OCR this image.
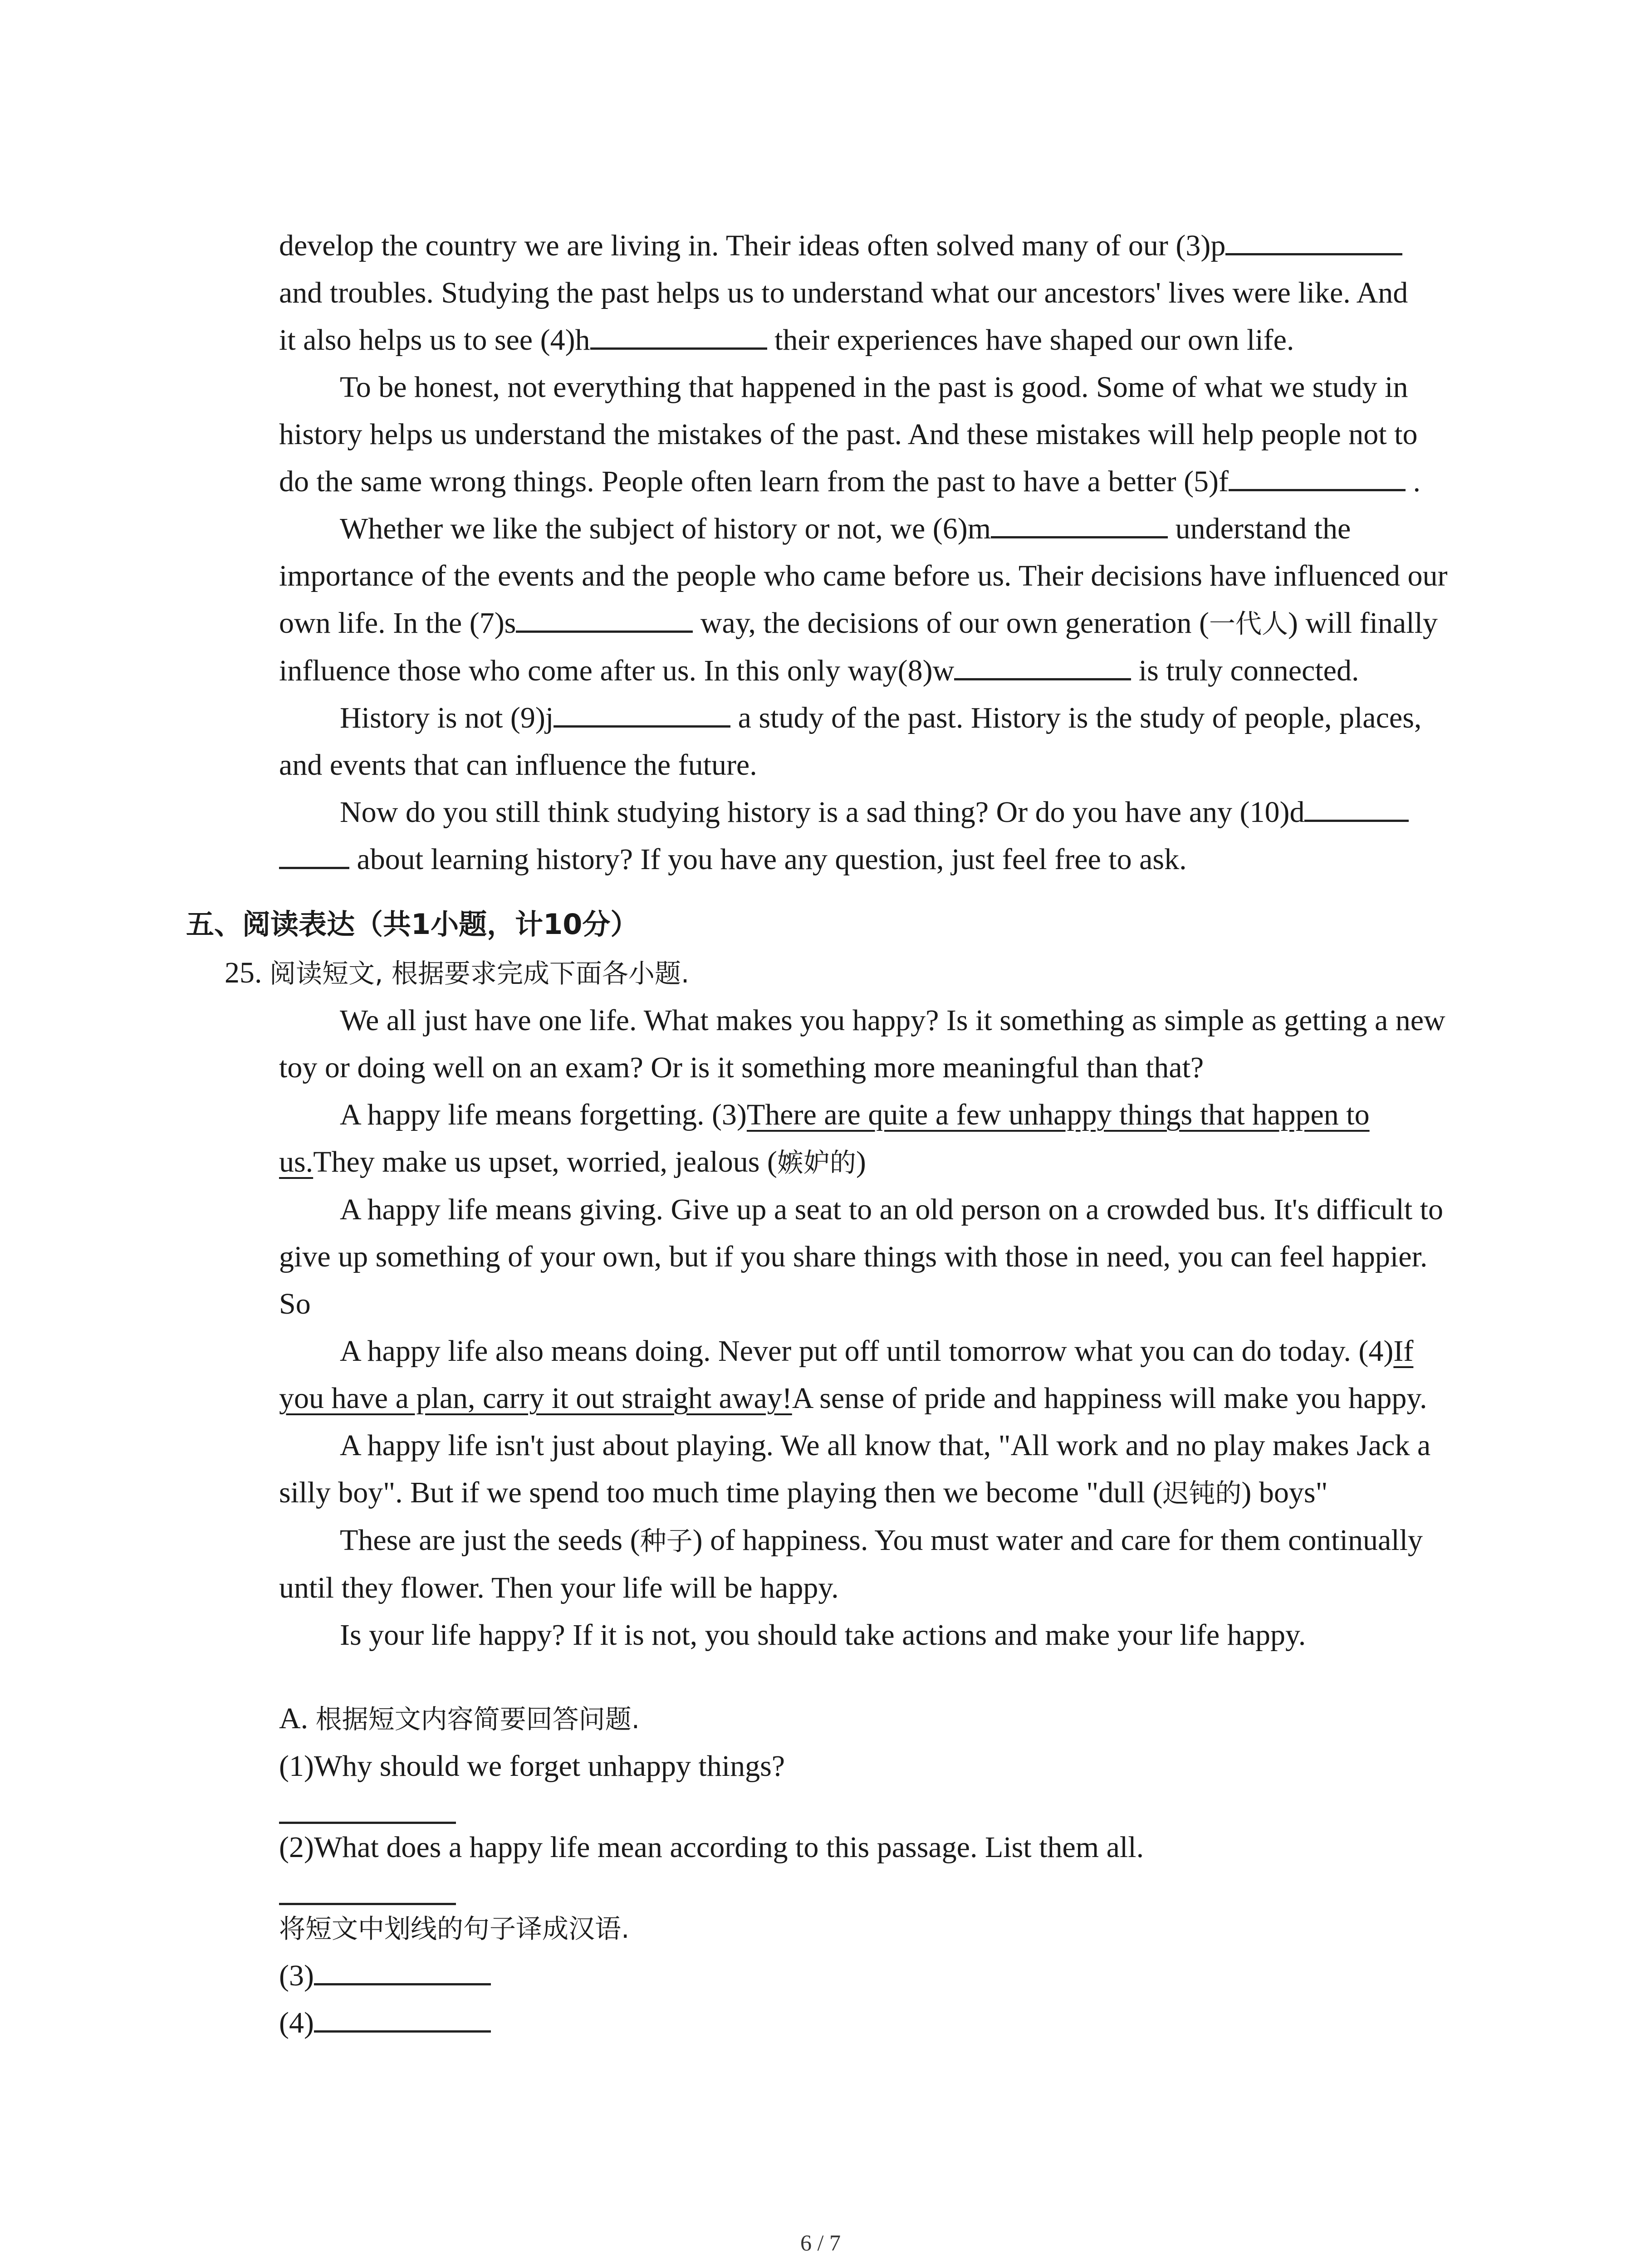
develop the country we are living in. Their ideas often solved many of our (3)p

and troubles. Studying the past helps us to understand what our ancestors' lives were like. And

it also helps us to see (4)h	their experiences have shaped our own life.

To be honest, not everything that happened in the past is good. Some of what we study in history helps us understand the mistakes of the past. And these mistakes will help people not to do the same wrong things. People often learn from the past to have a better (5)f	.

Whether we like the subject of history or not, we (6)m	understand the importance of the events and the people who came before us. Their decisions have influenced our own life. In the (7)s	way, the decisions of our own generation (一代人) will finally influence those who come after us. In this only way(8)w	is truly connected.

History is not (9)j	a study of the past. History is the study of people, places, and events that can influence the future.

Now do you still think studying history is a sad thing? Or do you have any (10)d about learning history? If you have any question, just feel free to ask.

五、阅读表达（共1小题，计10分）

25. 阅读短文, 根据要求完成下面各小题.

We all just have one life. What makes you happy? Is it something as simple as getting a new toy or doing well on an exam? Or is it something more meaningful than that?

A happy life means forgetting. (3)There are quite a few unhappy things that happen to us.They make us upset, worried, jealous (嫉妒的)

A happy life means giving. Give up a seat to an old person on a crowded bus. It's difficult to give up something of your own, but if you share things with those in need, you can feel happier. So

A happy life also means doing. Never put off until tomorrow what you can do today. (4)If you have a plan, carry it out straight away!A sense of pride and happiness will make you happy.

A happy life isn't just about playing. We all know that, "All work and no play makes Jack a silly boy". But if we spend too much time playing then we become "dull (迟钝的) boys"

These are just the seeds (种子) of happiness. You must water and care for them continually until they flower. Then your life will be happy.

Is your life happy? If it is not, you should take actions and make your life happy.

A. 根据短文内容简要回答问题.

(1)Why should we forget unhappy things?

(2)What does a happy life mean according to this passage. List them all.

将短文中划线的句子译成汉语.

(3)

(4)

6 / 7
